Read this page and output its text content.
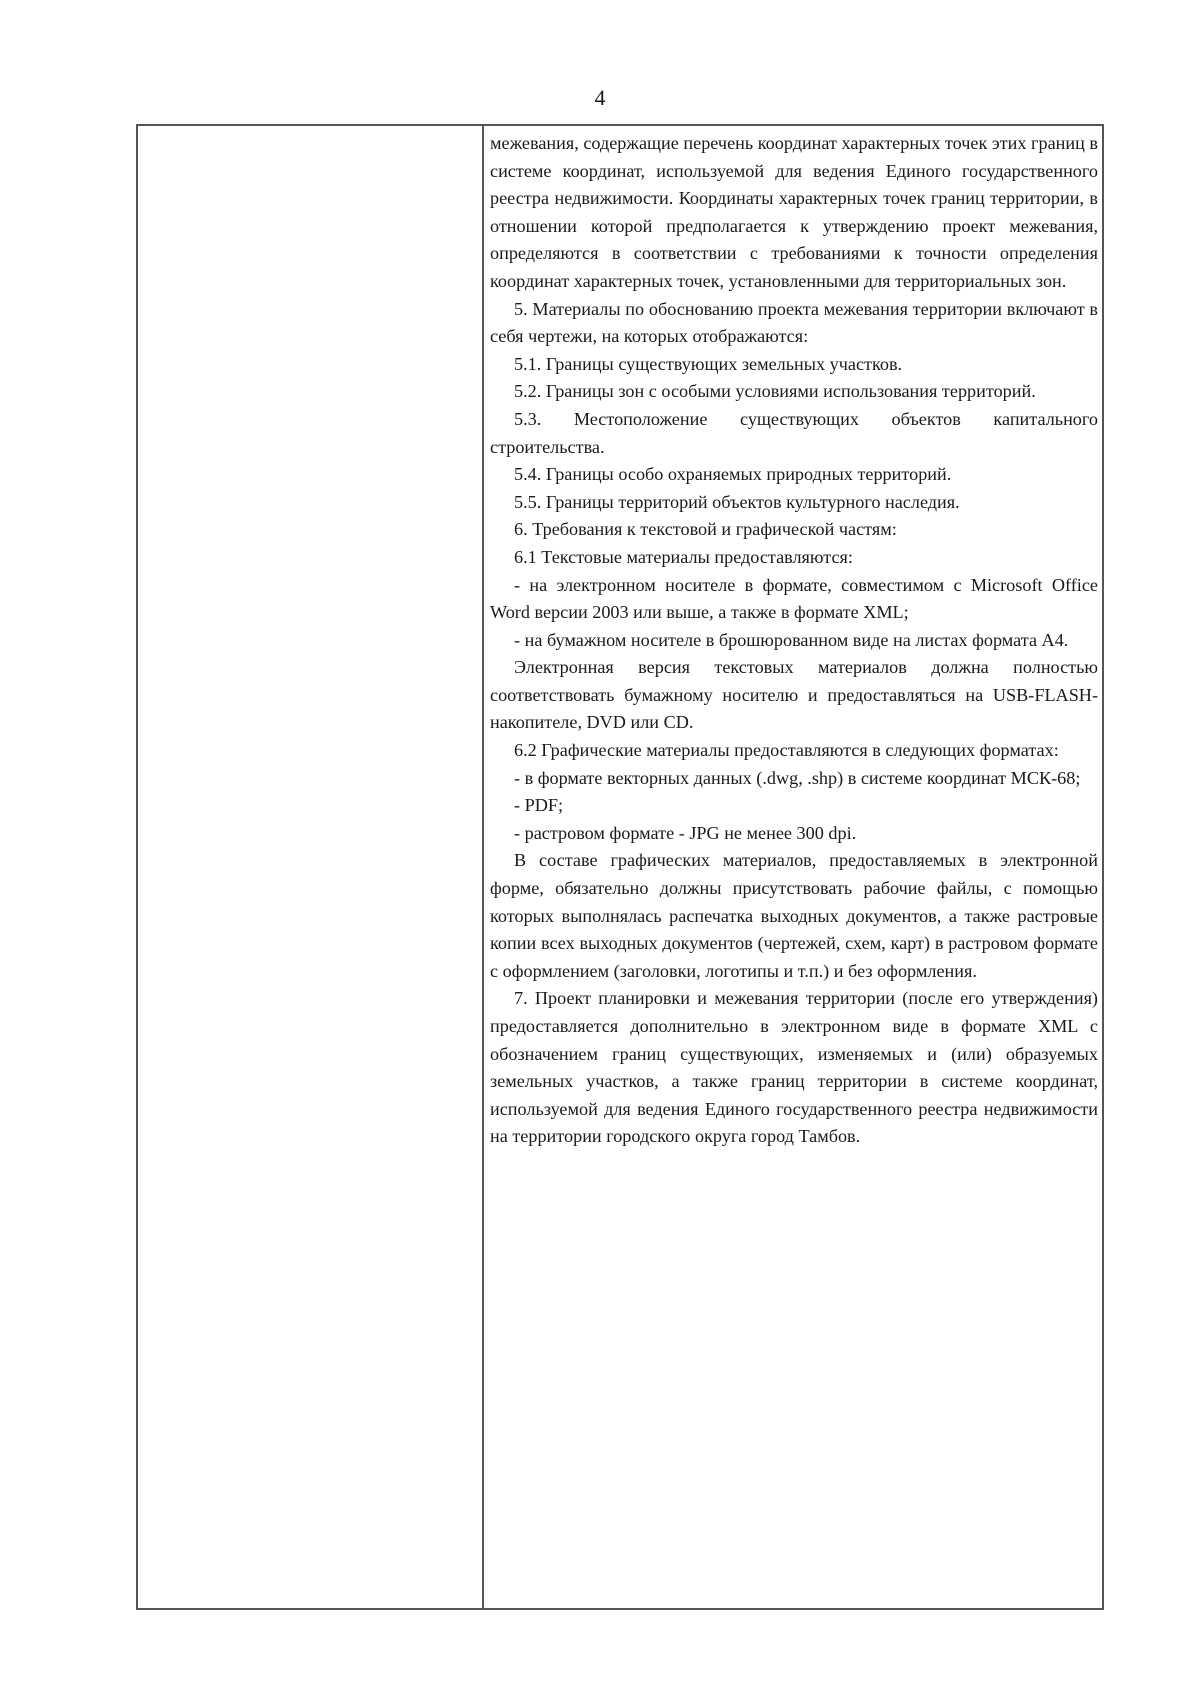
4

межевания, содержащие перечень координат характерных точек этих границ в системе координат, используемой для ведения Единого государственного реестра недвижимости. Координаты характерных точек границ территории, в отношении которой предполагается к утверждению проект межевания, определяются в соответствии с требованиями к точности определения координат характерных точек, установленными для территориальных зон.

5. Материалы по обоснованию проекта межевания территории включают в себя чертежи, на которых отображаются:

5.1. Границы существующих земельных участков.

5.2. Границы зон с особыми условиями использования территорий.

5.3. Местоположение существующих объектов капитального строительства.

5.4. Границы особо охраняемых природных территорий.

5.5. Границы территорий объектов культурного наследия.

6. Требования к текстовой и графической частям:

6.1 Текстовые материалы предоставляются:

- на электронном носителе в формате, совместимом с Microsoft Office Word версии 2003 или выше, а также в формате XML;

- на бумажном носителе в брошюрованном виде на листах формата А4.

Электронная версия текстовых материалов должна полностью соответствовать бумажному носителю и предоставляться на USB-FLASH-накопителе, DVD или CD.

6.2 Графические материалы предоставляются в следующих форматах:

- в формате векторных данных (.dwg, .shp) в системе координат МСК-68;

- PDF;

- растровом формате - JPG не менее 300 dpi.

В составе графических материалов, предоставляемых в электронной форме, обязательно должны присутствовать рабочие файлы, с помощью которых выполнялась распечатка выходных документов, а также растровые копии всех выходных документов (чертежей, схем, карт) в растровом формате с оформлением (заголовки, логотипы и т.п.) и без оформления.

7. Проект планировки и межевания территории (после его утверждения) предоставляется дополнительно в электронном виде в формате XML с обозначением границ существующих, изменяемых и (или) образуемых земельных участков, а также границ территории в системе координат, используемой для ведения Единого государственного реестра недвижимости на территории городского округа город Тамбов.
